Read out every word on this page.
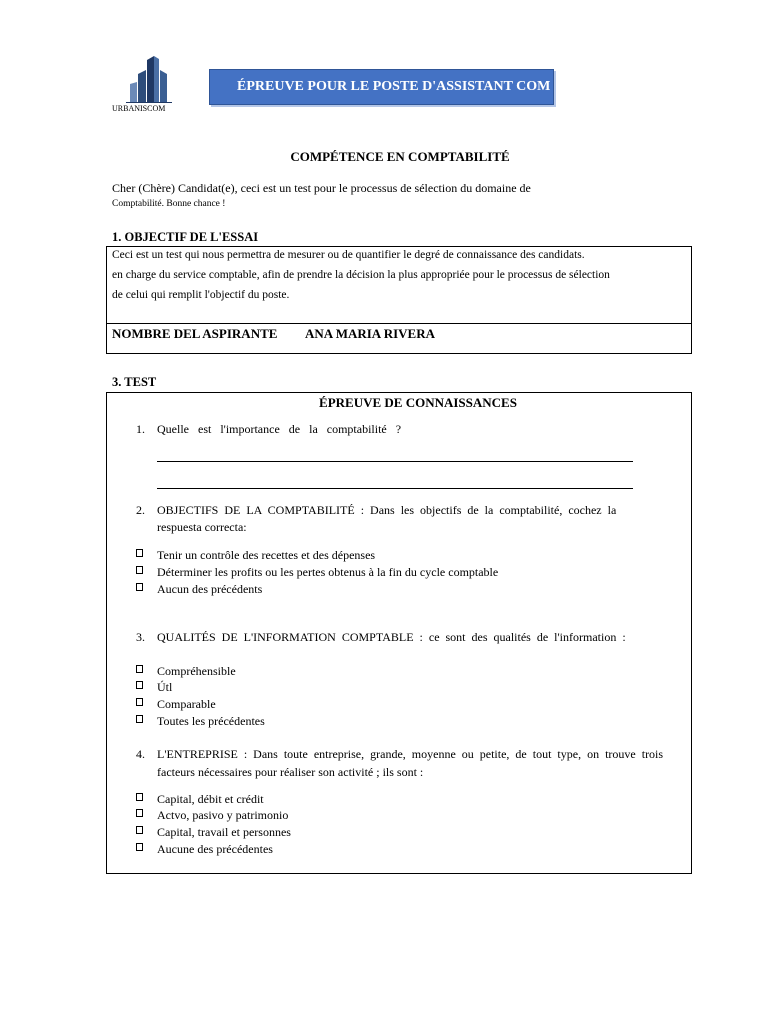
URBANISCOM
ÉPREUVE POUR LE POSTE D'ASSISTANT COM
COMPÉTENCE EN COMPTABILITÉ
Cher (Chère) Candidat(e), ceci est un test pour le processus de sélection du domaine de
Comptabilité. Bonne chance !
1. OBJECTIF DE L'ESSAI
Ceci est un test qui nous permettra de mesurer ou de quantifier le degré de connaissance des candidats.
en charge du service comptable, afin de prendre la décision la plus appropriée pour le processus de sélection
de celui qui remplit l'objectif du poste.
NOMBRE DEL ASPIRANTE ANA MARIA RIVERA
3. TEST
ÉPREUVE DE CONNAISSANCES
1. Quelle   est   l'importance   de   la   comptabilité   ?
2. OBJECTIFS  DE  LA  COMPTABILITÉ  :  Dans  les  objectifs  de  la  comptabilité,  cochez  la
respuesta correcta:
Tenir un contrôle des recettes et des dépenses
Déterminer les profits ou les pertes obtenus à la fin du cycle comptable
Aucun des précédents
3. QUALITÉS  DE  L'INFORMATION  COMPTABLE  :  ce  sont  des  qualités  de  l'information  :
Compréhensible
Útl
Comparable
Toutes les précédentes
4. L'ENTREPRISE  :  Dans  toute  entreprise,  grande,  moyenne  ou  petite,  de  tout  type,  on  trouve  trois
facteurs nécessaires pour réaliser son activité ; ils sont :
Capital, débit et crédit
Actvo, pasivo y patrimonio
Capital, travail et personnes
Aucune des précédentes
